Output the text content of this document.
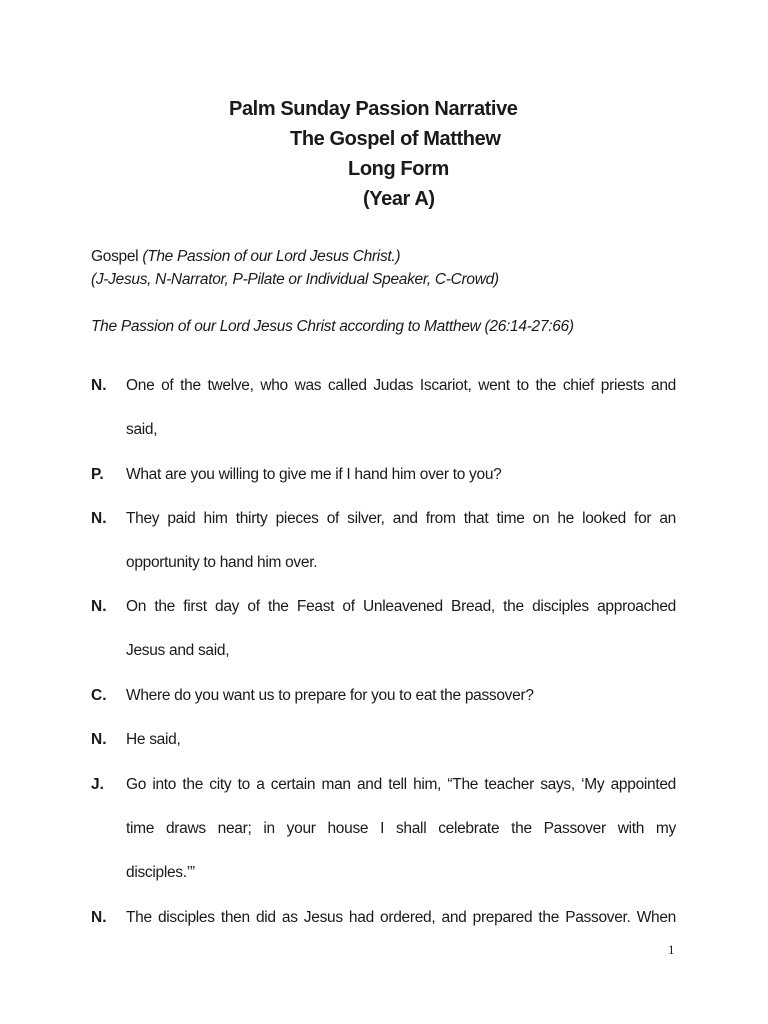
Palm Sunday Passion Narrative
The Gospel of Matthew
Long Form
(Year A)
Gospel (The Passion of our Lord Jesus Christ.)
(J-Jesus, N-Narrator, P-Pilate or Individual Speaker, C-Crowd)
The Passion of our Lord Jesus Christ according to Matthew (26:14-27:66)
N. One of the twelve, who was called Judas Iscariot, went to the chief priests and
said,
P. What are you willing to give me if I hand him over to you?
N. They paid him thirty pieces of silver, and from that time on he looked for an
opportunity to hand him over.
N. On the first day of the Feast of Unleavened Bread, the disciples approached
Jesus and said,
C. Where do you want us to prepare for you to eat the passover?
N. He said,
J. Go into the city to a certain man and tell him, “The teacher says, ‘My appointed
time draws near; in your house I shall celebrate the Passover with my
disciples.’”
N. The disciples then did as Jesus had ordered, and prepared the Passover. When
1
